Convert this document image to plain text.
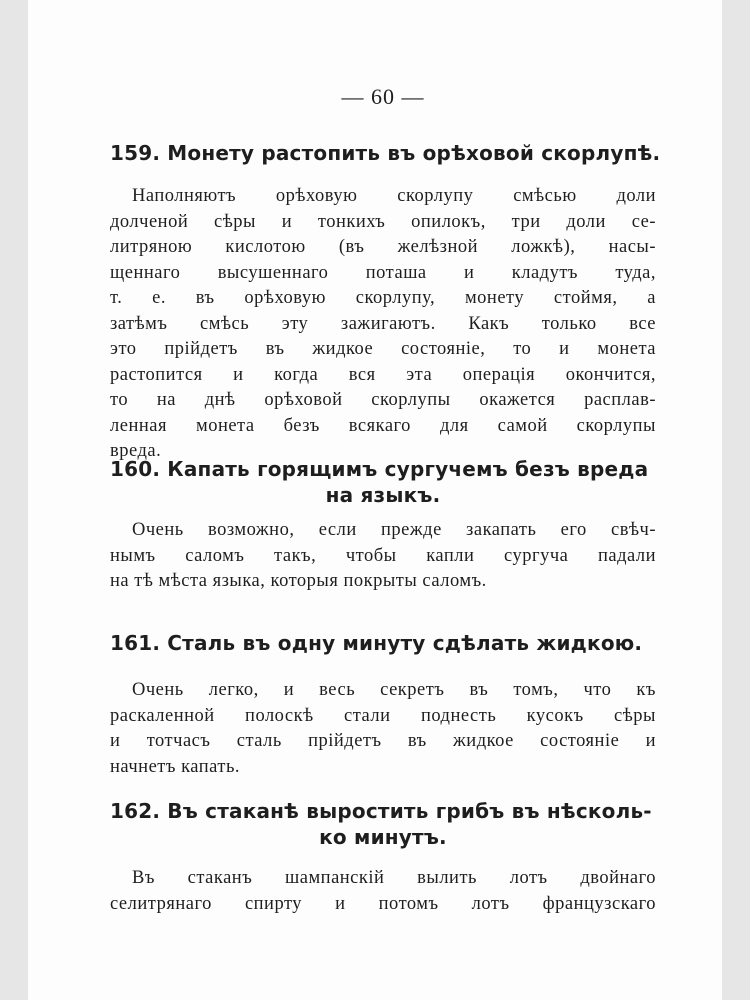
— 60 —
159. Монету растопить въ орѣховой скорлупѣ.
Наполняютъ орѣховую скорлупу смѣсью доли
долченой сѣры и тонкихъ опилокъ, три доли се-
литряною кислотою (въ желѣзной ложкѣ), насы-
щеннаго высушеннаго поташа и кладутъ туда,
т. е. въ орѣховую скорлупу, монету стоймя, а
затѣмъ смѣсь эту зажигаютъ. Какъ только все
это прійдетъ въ жидкое состояніе, то и монета
растопится и когда вся эта операція окончится,
то на днѣ орѣховой скорлупы окажется расплав-
ленная монета безъ всякаго для самой скорлупы
вреда.
160. Капать горящимъ сургучемъ безъ вреда
на языкъ.
Очень возможно, если прежде закапать его свѣч-
нымъ саломъ такъ, чтобы капли сургуча падали
на тѣ мѣста языка, которыя покрыты саломъ.
161. Сталь въ одну минуту сдѣлать жидкою.
Очень легко, и весь секретъ въ томъ, что къ
раскаленной полоскѣ стали поднесть кусокъ сѣры
и тотчасъ сталь прійдетъ въ жидкое состояніе и
начнетъ капать.
162. Въ стаканѣ выростить грибъ въ нѣсколь-
ко минутъ.
Въ стаканъ шампанскій вылить лотъ двойнаго
селитрянаго спирту и потомъ лотъ французскаго
